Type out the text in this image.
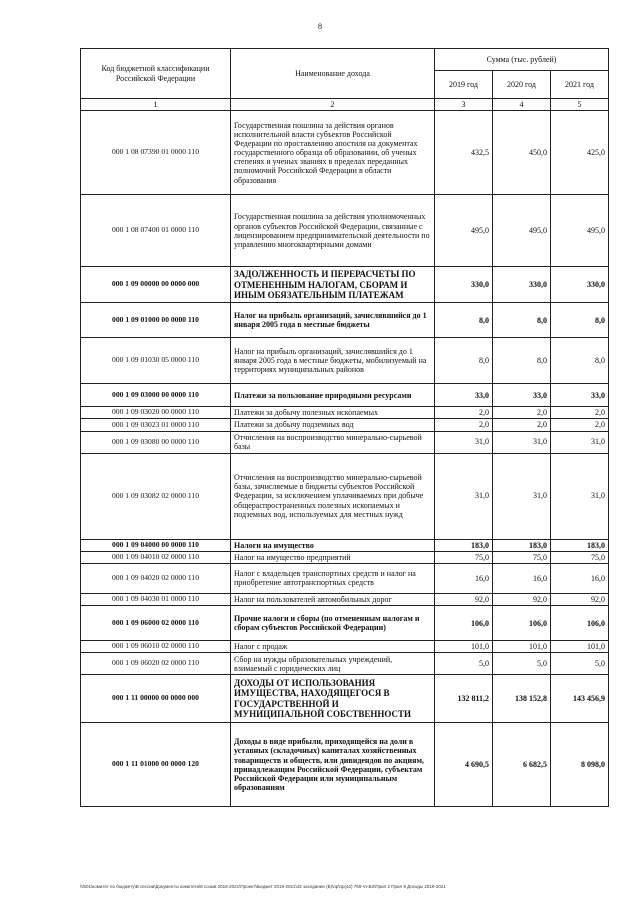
8
Код бюджетной классификации Российской Федерации	Наименование дохода	Сумма (тыс. рублей)		
		2019 год	2020 год	2021 год
1	2	3	4	5
000 1 08 07390 01 0000 110	Государственная пошлина за действия органов исполнительной власти субъектов Российской Федерации по проставлению апостиля на документах государственного образца об образовании, об ученых степенях и ученых званиях в пределах переданных полномочий Российской Федерации в области образования	432,5	450,0	425,0
000 1 08 07400 01 0000 110	Государственная пошлина за действия уполномоченных органов субъектов Российской Федерации, связанные с лицензированием предпринимательской деятельности по управлению многоквартирными домами	495,0	495,0	495,0
000 1 09 00000 00 0000 000	ЗАДОЛЖЕННОСТЬ И ПЕРЕРАСЧЕТЫ ПО ОТМЕНЕННЫМ НАЛОГАМ, СБОРАМ И ИНЫМ ОБЯЗАТЕЛЬНЫМ ПЛАТЕЖАМ	330,0	330,0	330,0
000 1 09 01000 00 0000 110	Налог на прибыль организаций, зачислявшийся до 1 января 2005 года в местные бюджеты	8,0	8,0	8,0
000 1 09 01030 05 0000 110	Налог на прибыль организаций, зачислявшийся до 1 января 2005 года в местные бюджеты, мобилизуемый на территориях муниципальных районов	8,0	8,0	8,0
000 1 09 03000 00 0000 110	Платежи за пользование природными ресурсами	33,0	33,0	33,0
000 1 09 03020 00 0000 110	Платежи за добычу полезных ископаемых	2,0	2,0	2,0
000 1 09 03023 01 0000 110	Платежи за добычу подземных вод	2,0	2,0	2,0
000 1 09 03080 00 0000 110	Отчисления на воспроизводство минерально-сырьевой базы	31,0	31,0	31,0
000 1 09 03082 02 0000 110	Отчисления на воспроизводство минерально-сырьевой базы, зачисляемые в бюджеты субъектов Российской Федерации, за исключением уплачиваемых при добыче общераспространенных полезных ископаемых и подземных вод, используемых для местных нужд	31,0	31,0	31,0
000 1 09 04000 00 0000 110	Налоги на имущество	183,0	183,0	183,0
000 1 09 04010 02 0000 110	Налог на имущество предприятий	75,0	75,0	75,0
000 1 09 04020 02 0000 110	Налог с владельцев транспортных средств и налог на приобретение автотранспортных средств	16,0	16,0	16,0
000 1 09 04030 01 0000 110	Налог на пользователей автомобильных дорог	92,0	92,0	92,0
000 1 09 06000 02 0000 110	Прочие налоги и сборы (по отмененным налогам и сборам субъектов Российской Федерации)	106,0	106,0	106,0
000 1 09 06010 02 0000 110	Налог с продаж	101,0	101,0	101,0
000 1 09 06020 02 0000 110	Сбор на нужды образовательных учреждений, взимаемый с юридических лиц	5,0	5,0	5,0
000 1 11 00000 00 0000 000	ДОХОДЫ ОТ ИСПОЛЬЗОВАНИЯ ИМУЩЕСТВА, НАХОДЯЩЕГОСЯ В ГОСУДАРСТВЕННОЙ И МУНИЦИПАЛЬНОЙ СОБСТВЕННОСТИ	132 811,2	138 152,8	143 456,9
000 1 11 01000 00 0000 120	Доходы в виде прибыли, приходящейся на доли в уставных (складочных) капиталах хозяйственных товариществ и обществ, или дивидендов по акциям, принадлежащим Российской Федерации, субъектам Российской Федерации или муниципальным образованиям	4 690,5	6 682,5	8 098,0
\\fs01\комитет по бюджету\В сессии\Документы комитета\6 созыв 2016-2021\Проект\Бюджет 2019-2021\42 заседание (Б)\пр\пр(42) 769-VI-БЗ\Прил 2 Прил 9 Доходы 2019-2021
